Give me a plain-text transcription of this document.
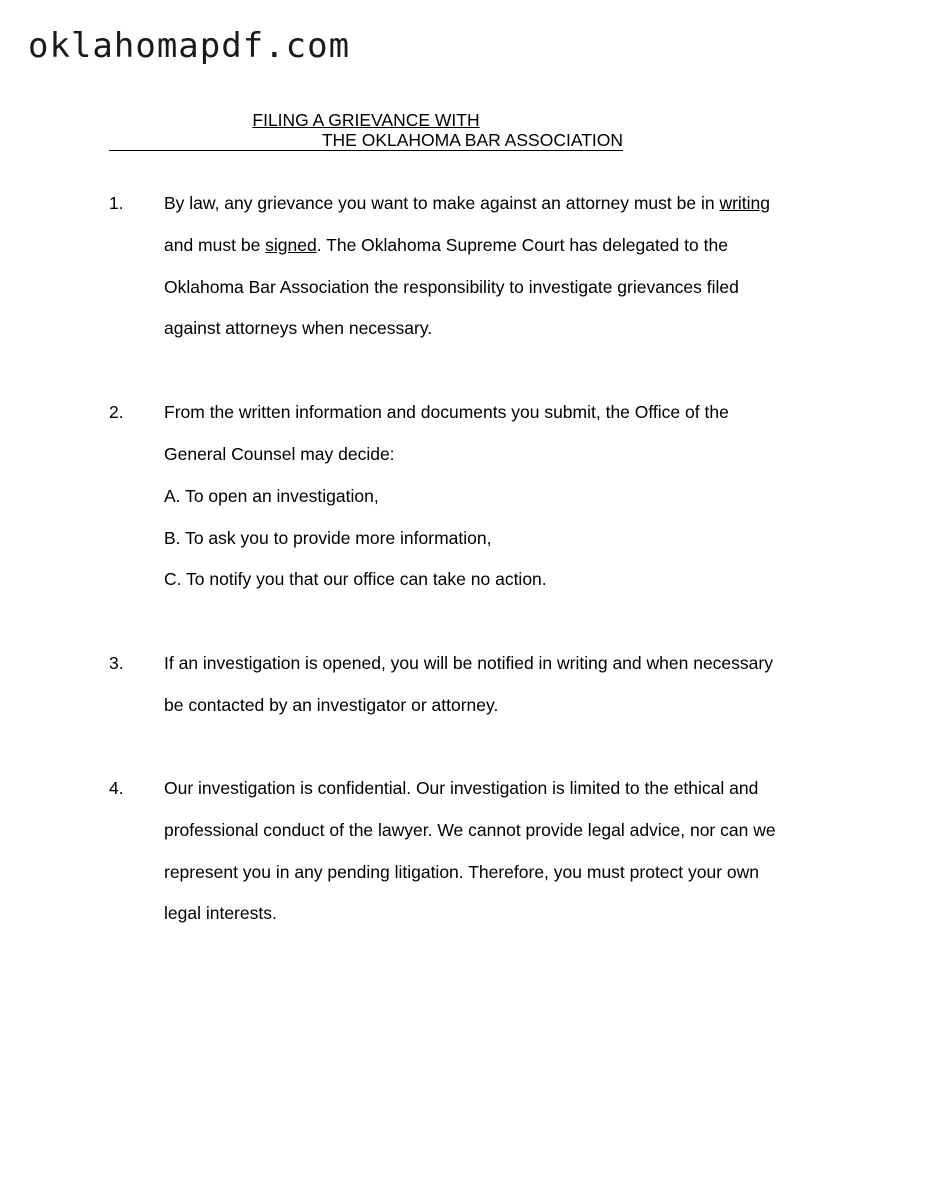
oklahomapdf.com
FILING A GRIEVANCE WITH
THE OKLAHOMA BAR ASSOCIATION
1. By law, any grievance you want to make against an attorney must be in writing
and must be signed. The Oklahoma Supreme Court has delegated to the
Oklahoma Bar Association the responsibility to investigate grievances filed
against attorneys when necessary.
2. From the written information and documents you submit, the Office of the
General Counsel may decide:
A. To open an investigation,
B. To ask you to provide more information,
C. To notify you that our office can take no action.
3. If an investigation is opened, you will be notified in writing and when necessary
be contacted by an investigator or attorney.
4. Our investigation is confidential. Our investigation is limited to the ethical and
professional conduct of the lawyer. We cannot provide legal advice, nor can we
represent you in any pending litigation. Therefore, you must protect your own
legal interests.
